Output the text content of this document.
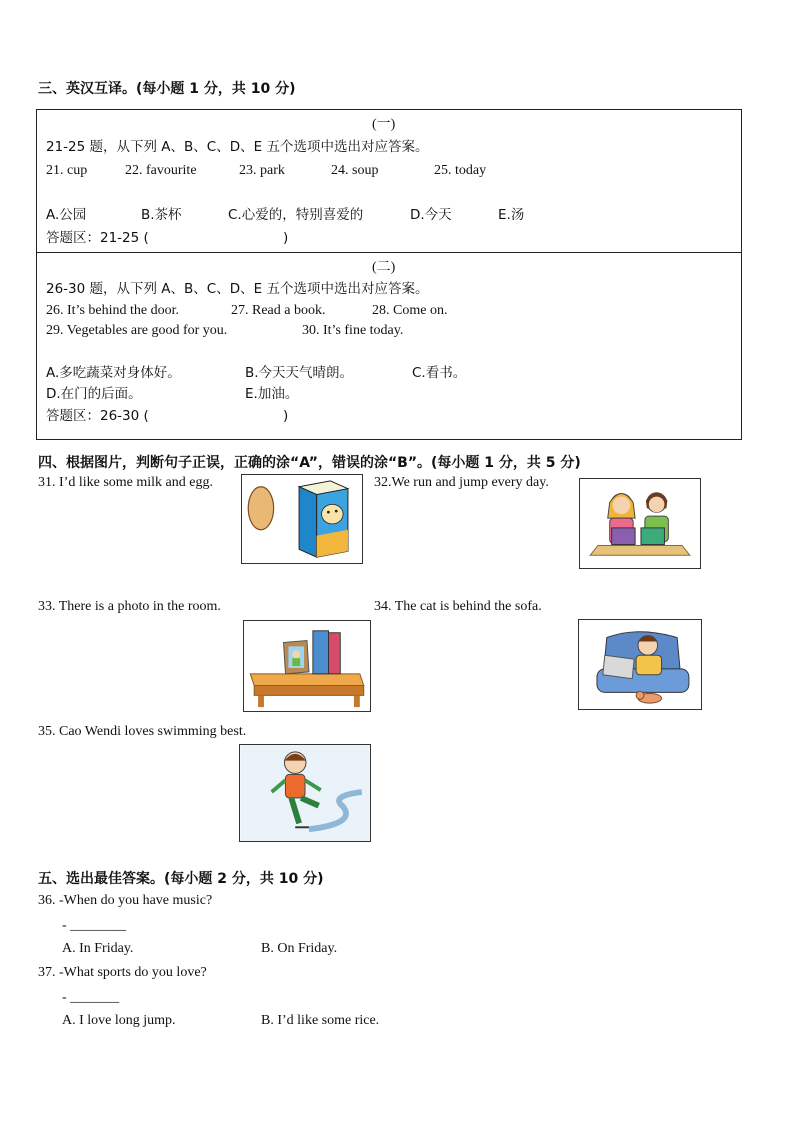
三、英汉互译。(每小题 1 分，共 10 分)
(一)
21-25 题，从下列 A、B、C、D、E 五个选项中选出对应答案。
21. cup	22. favourite	23. park	24. soup	25. today
A.公园	B.茶杯	C.心爱的，特别喜爱的	D.今天	E.汤
答题区：21-25 (	)
(二)
26-30 题，从下列 A、B、C、D、E 五个选项中选出对应答案。
26. It’s behind the door.	27. Read a book.	28. Come on.
29. Vegetables are good for you.	30. It’s fine today.
A.多吃蔬菜对身体好。	B.今天天气晴朗。	C.看书。
D.在门的后面。	E.加油。
答题区：26-30 (	)
四、根据图片，判断句子正误，正确的涂“A”，错误的涂“B”。(每小题 1 分，共 5 分)
31. I’d like some milk and egg.	32.We run and jump every day.
33. There is a photo in the room.	34. The cat is behind the sofa.
35. Cao Wendi loves swimming best.
五、选出最佳答案。(每小题 2 分，共 10 分)
36. -When do you have music?
- ________
A. In Friday.	B. On Friday.
37. -What sports do you love?
- _______
A. I love long jump.	B. I’d like some rice.
